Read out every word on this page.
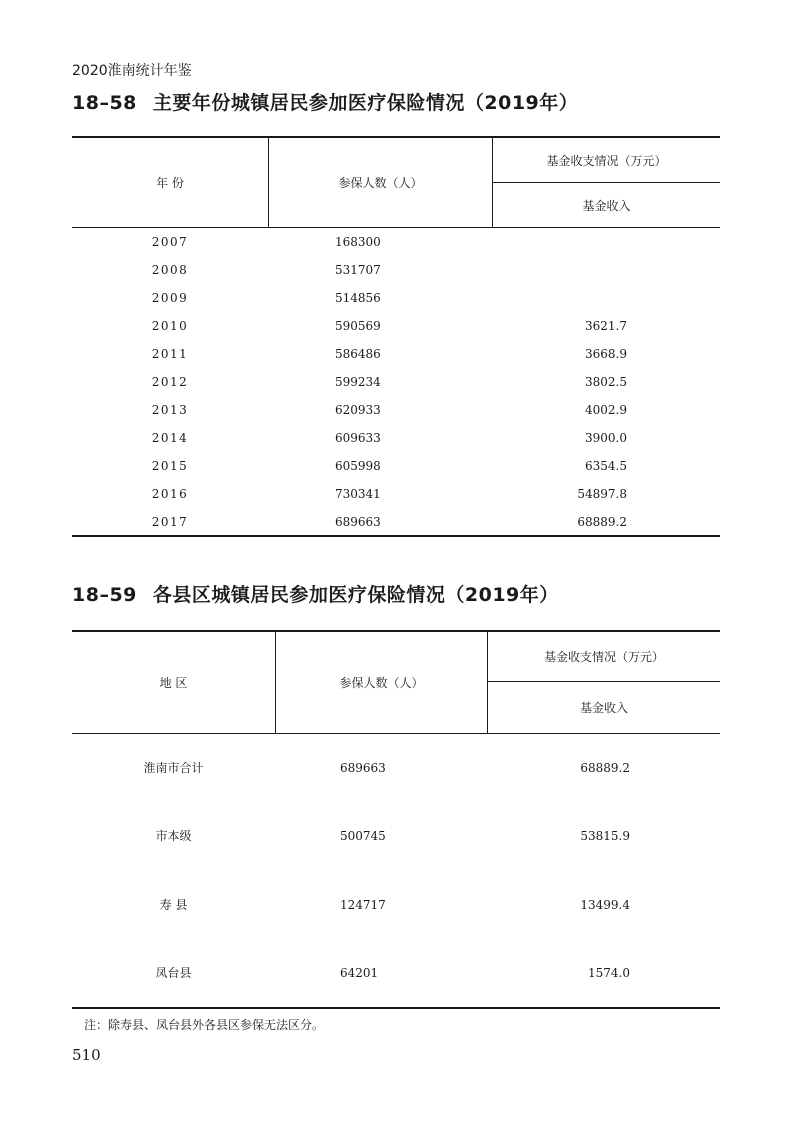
2020淮南统计年鉴
18–58 主要年份城镇居民参加医疗保险情况（2019年）
年 份	参保人数（人）
基金收支情况（万元）
基金收入
2007	168300
2008	531707
2009	514856
2010	590569	3621.7
2011	586486	3668.9
2012	599234	3802.5
2013	620933	4002.9
2014	609633	3900.0
2015	605998	6354.5
2016	730341	54897.8
2017	689663	68889.2
18–59 各县区城镇居民参加医疗保险情况（2019年）
地 区	参保人数（人）
基金收支情况（万元）
基金收入
淮南市合计	689663	68889.2
市本级	500745	53815.9
寿 县	124717	13499.4
凤台县	64201	1574.0
注：除寿县、凤台县外各县区参保无法区分。
510
